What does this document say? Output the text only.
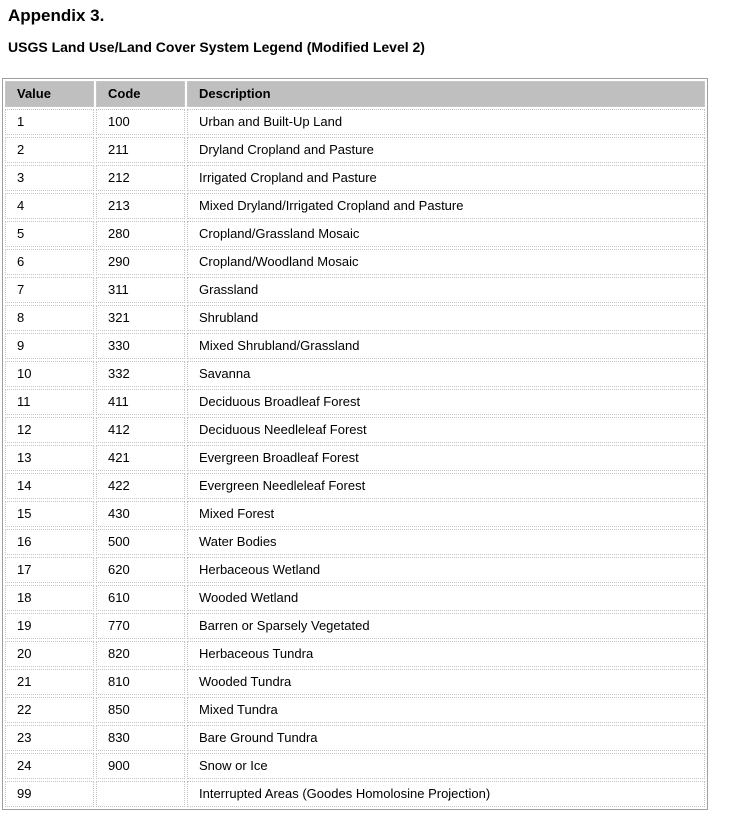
Appendix 3.
USGS Land Use/Land Cover System Legend (Modified Level 2)
Value	Code	Description
1	100	Urban and Built-Up Land
2	211	Dryland Cropland and Pasture
3	212	Irrigated Cropland and Pasture
4	213	Mixed Dryland/Irrigated Cropland and Pasture
5	280	Cropland/Grassland Mosaic
6	290	Cropland/Woodland Mosaic
7	311	Grassland
8	321	Shrubland
9	330	Mixed Shrubland/Grassland
10	332	Savanna
11	411	Deciduous Broadleaf Forest
12	412	Deciduous Needleleaf Forest
13	421	Evergreen Broadleaf Forest
14	422	Evergreen Needleleaf Forest
15	430	Mixed Forest
16	500	Water Bodies
17	620	Herbaceous Wetland
18	610	Wooded Wetland
19	770	Barren or Sparsely Vegetated
20	820	Herbaceous Tundra
21	810	Wooded Tundra
22	850	Mixed Tundra
23	830	Bare Ground Tundra
24	900	Snow or Ice
99		Interrupted Areas (Goodes Homolosine Projection)
